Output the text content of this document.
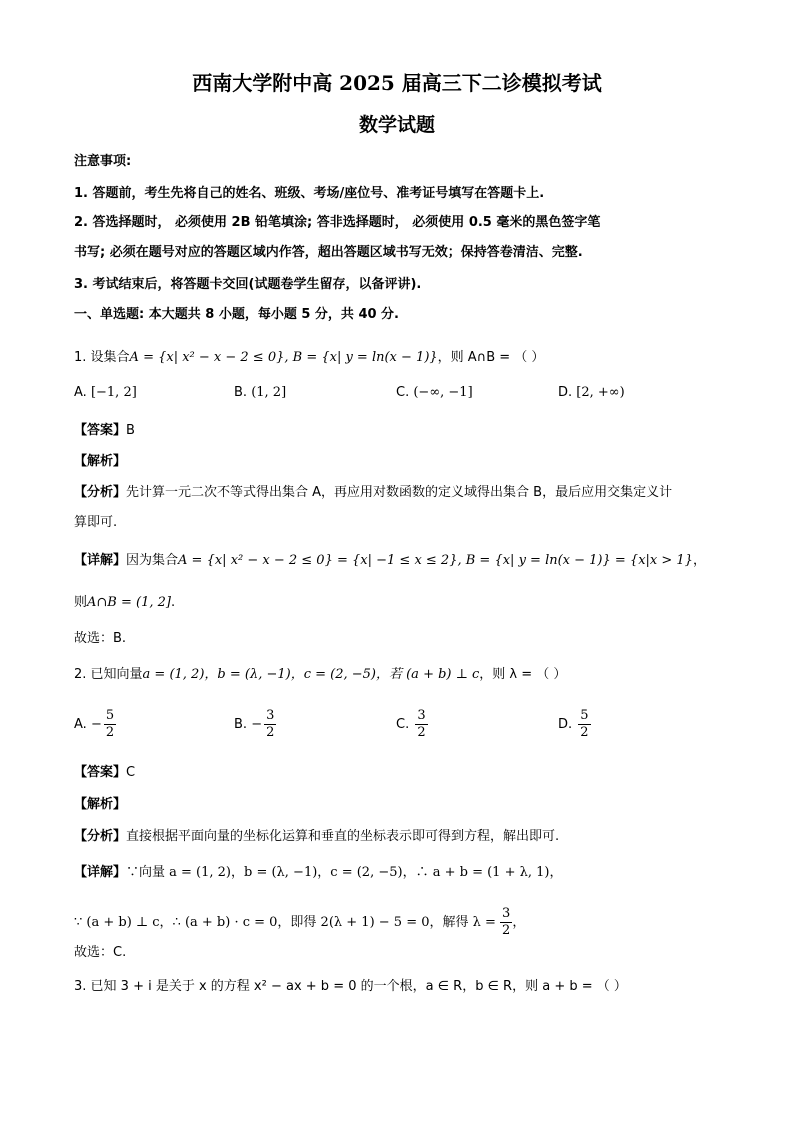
西南大学附中高 2025 届高三下二诊模拟考试
数学试题
注意事项:
1. 答题前，考生先将自己的姓名、班级、考场/座位号、准考证号填写在答题卡上.
2. 答选择题时， 必须使用 2B 铅笔填涂; 答非选择题时， 必须使用 0.5 毫米的黑色签字笔
书写; 必须在题号对应的答题区域内作答，超出答题区域书写无效；保持答卷清洁、完整.
3. 考试结束后，将答题卡交回(试题卷学生留存，以备评讲).
一、单选题: 本大题共 8 小题，每小题 5 分，共 40 分.
1. 设集合A = {x| x² − x − 2 ≤ 0}, B = {x| y = ln(x − 1)}，则 A∩B = （ ）
A. [−1, 2]	B. (1, 2]	C. (−∞, −1]	D. [2, +∞)
【答案】B
【解析】
【分析】先计算一元二次不等式得出集合 A，再应用对数函数的定义域得出集合 B，最后应用交集定义计
算即可.
【详解】因为集合A = {x| x² − x − 2 ≤ 0} = {x| −1 ≤ x ≤ 2}, B = {x| y = ln(x − 1)} = {x|x > 1}，
则A∩B = (1, 2].
故选：B.
2. 已知向量a = (1, 2)，b = (λ, −1)，c = (2, −5)，若 (a + b) ⊥ c，则 λ = （ ）
A. − $\frac{5}{2}$	B. − $\frac{3}{2}$	C. $\frac{3}{2}$	D. $\frac{5}{2}$
【答案】C
【解析】
【分析】直接根据平面向量的坐标化运算和垂直的坐标表示即可得到方程，解出即可.
【详解】∵向量 a = (1, 2)，b = (λ, −1)，c = (2, −5)，∴ a + b = (1 + λ, 1)，
∵ (a + b) ⊥ c，∴ (a + b) · c = 0，即得 2(λ + 1) − 5 = 0，解得 $\lambda = \frac{3}{2}$ ，
故选：C.
3. 已知 3 + i 是关于 x 的方程 x² − ax + b = 0 的一个根，a ∈ R，b ∈ R，则 a + b = （ ）
